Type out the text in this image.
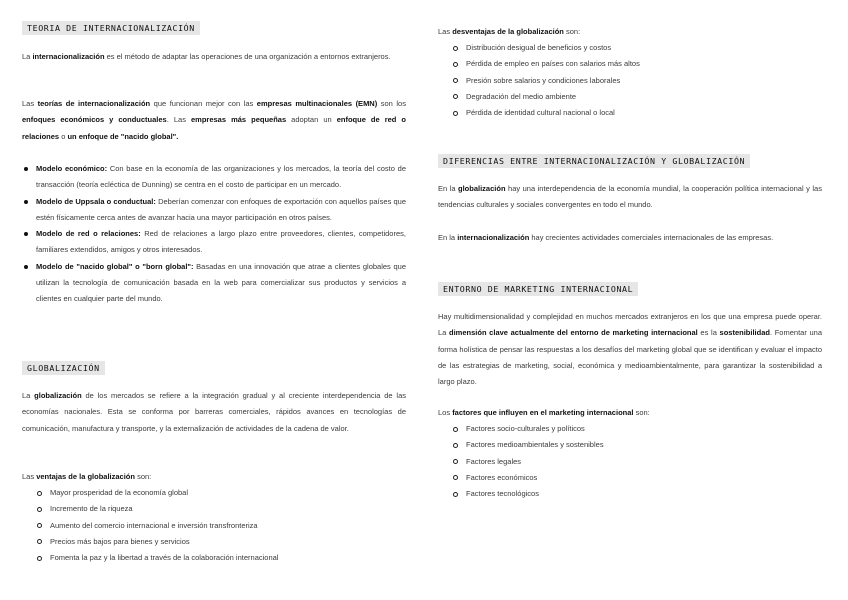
TEORIA DE INTERNACIONALIZACIÓN

La internacionalización es el método de adaptar las operaciones de una organización a entornos extranjeros.

Las teorías de internacionalización que funcionan mejor con las empresas multinacionales (EMN) son los enfoques económicos y conductuales. Las empresas más pequeñas adoptan un enfoque de red o relaciones o un enfoque de "nacido global".

Modelo económico: Con base en la economía de las organizaciones y los mercados, la teoría del costo de transacción (teoría ecléctica de Dunning) se centra en el costo de participar en un mercado.
Modelo de Uppsala o conductual: Deberían comenzar con enfoques de exportación con aquellos países que estén físicamente cerca antes de avanzar hacia una mayor participación en otros países.
Modelo de red o relaciones: Red de relaciones a largo plazo entre proveedores, clientes, competidores, familiares extendidos, amigos y otros interesados.
Modelo de "nacido global" o "born global": Basadas en una innovación que atrae a clientes globales que utilizan la tecnología de comunicación basada en la web para comercializar sus productos y servicios a clientes en cualquier parte del mundo.
GLOBALIZACIÓN

La globalización de los mercados se refiere a la integración gradual y al creciente interdependencia de las economías nacionales. Esta se conforma por barreras comerciales, rápidos avances en tecnologías de comunicación, manufactura y transporte, y la externalización de actividades de la cadena de valor.

Las ventajas de la globalización son:

Mayor prosperidad de la economía global
Incremento de la riqueza
Aumento del comercio internacional e inversión transfronteriza
Precios más bajos para bienes y servicios
Fomenta la paz y la libertad a través de la colaboración internacional

Las desventajas de la globalización son:

Distribución desigual de beneficios y costos
Pérdida de empleo en países con salarios más altos
Presión sobre salarios y condiciones laborales
Degradación del medio ambiente
Pérdida de identidad cultural nacional o local
DIFERENCIAS ENTRE INTERNACIONALIZACIÓN Y GLOBALIZACIÓN

En la globalización hay una interdependencia de la economía mundial, la cooperación política internacional y las tendencias culturales y sociales convergentes en todo el mundo.

En la internacionalización hay crecientes actividades comerciales internacionales de las empresas.

ENTORNO DE MARKETING INTERNACIONAL

Hay multidimensionalidad y complejidad en muchos mercados extranjeros en los que una empresa puede operar. La dimensión clave actualmente del entorno de marketing internacional es la sostenibilidad. Fomentar una forma holística de pensar las respuestas a los desafíos del marketing global que se identifican y evaluar el impacto de las estrategias de marketing, social, económica y medioambientalmente, para garantizar la sostenibilidad a largo plazo.

Los factores que influyen en el marketing internacional son:

Factores socio-culturales y políticos
Factores medioambientales y sostenibles
Factores legales
Factores económicos
Factores tecnológicos
